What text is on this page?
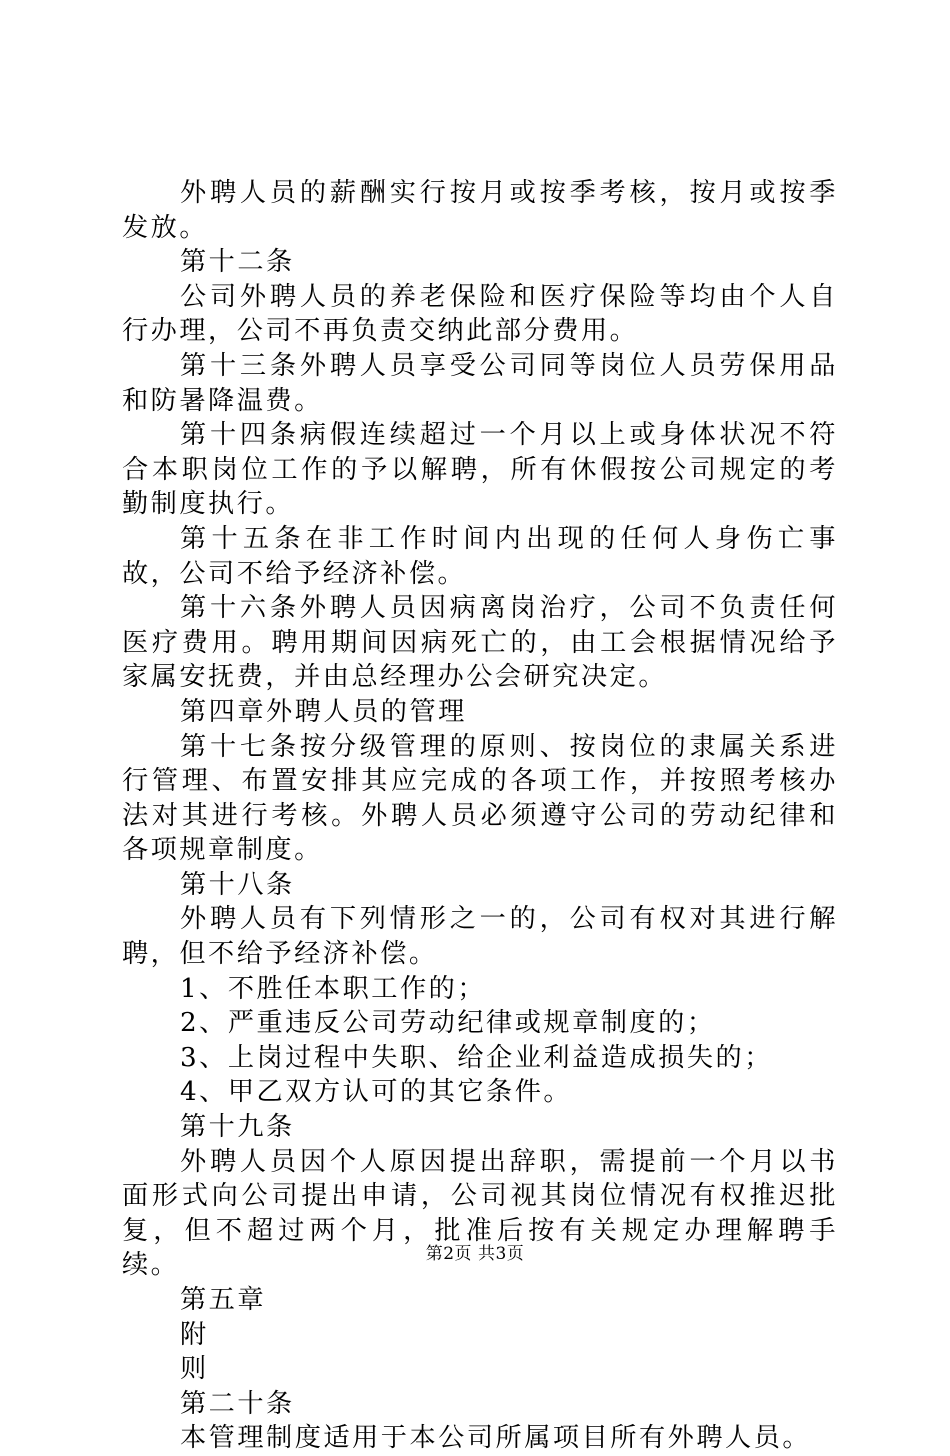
外聘人员的薪酬实行按月或按季考核，按月或按季发放。

第十二条

公司外聘人员的养老保险和医疗保险等均由个人自行办理，公司不再负责交纳此部分费用。

第十三条外聘人员享受公司同等岗位人员劳保用品和防暑降温费。

第十四条病假连续超过一个月以上或身体状况不符合本职岗位工作的予以解聘，所有休假按公司规定的考勤制度执行。

第十五条在非工作时间内出现的任何人身伤亡事故，公司不给予经济补偿。

第十六条外聘人员因病离岗治疗，公司不负责任何医疗费用。聘用期间因病死亡的，由工会根据情况给予家属安抚费，并由总经理办公会研究决定。

第四章外聘人员的管理

第十七条按分级管理的原则、按岗位的隶属关系进行管理、布置安排其应完成的各项工作，并按照考核办法对其进行考核。外聘人员必须遵守公司的劳动纪律和各项规章制度。

第十八条

外聘人员有下列情形之一的，公司有权对其进行解聘，但不给予经济补偿。

1、不胜任本职工作的；

2、严重违反公司劳动纪律或规章制度的；

3、上岗过程中失职、给企业利益造成损失的；

4、甲乙双方认可的其它条件。

第十九条

外聘人员因个人原因提出辞职，需提前一个月以书面形式向公司提出申请，公司视其岗位情况有权推迟批复，但不超过两个月，批准后按有关规定办理解聘手续。

第五章

附

则

第二十条

本管理制度适用于本公司所属项目所有外聘人员。

第2页 共3页
